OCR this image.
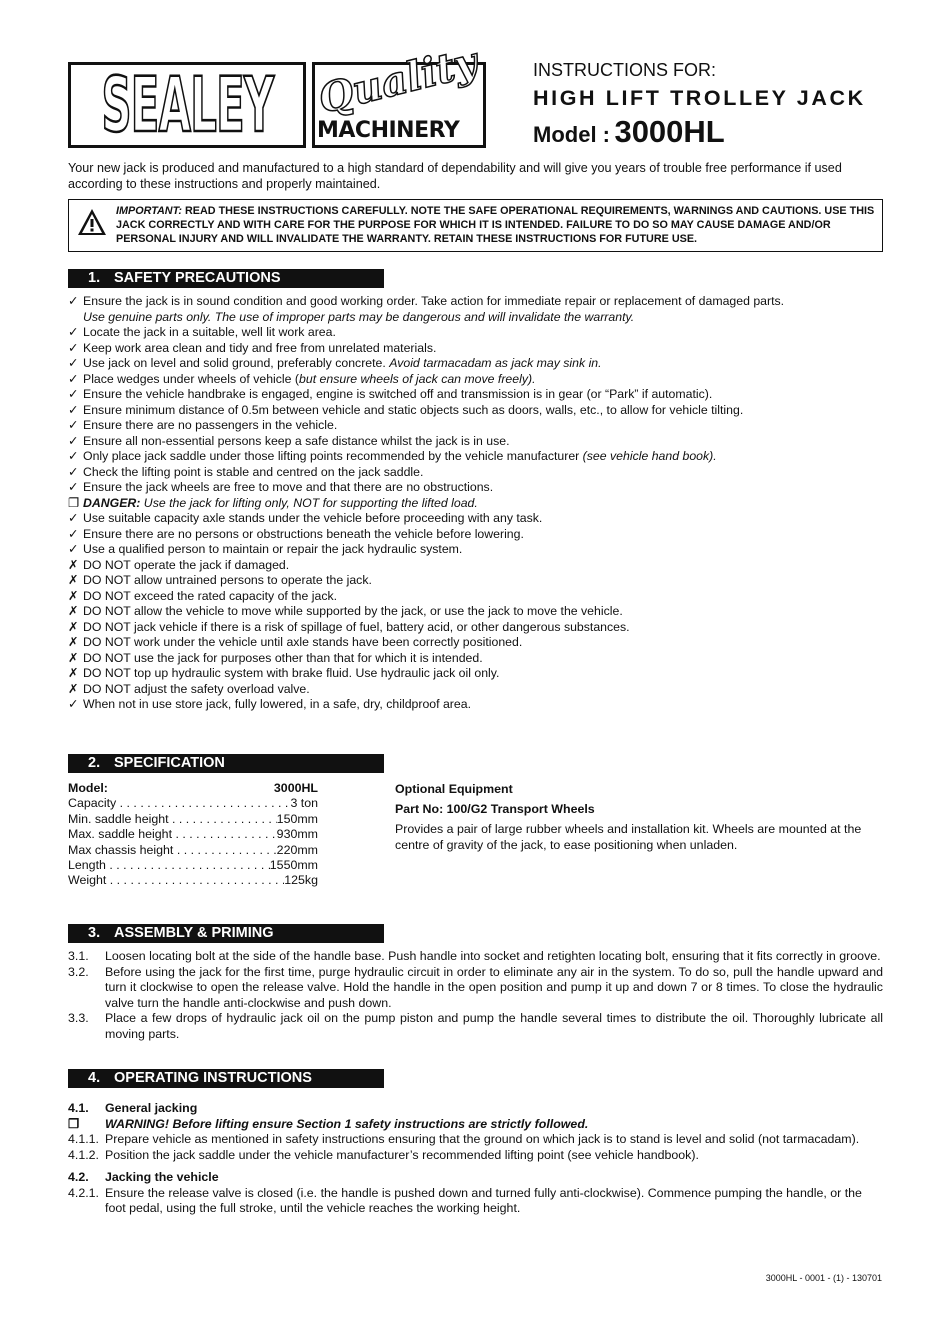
SEALEY Quality
MACHINERY
INSTRUCTIONS FOR:
HIGH LIFT TROLLEY JACK
Model : 3000HL
Your new jack is produced and manufactured to a high standard of dependability and will give you years of trouble free performance if used according to these instructions and properly maintained.
IMPORTANT: READ THESE INSTRUCTIONS CAREFULLY. NOTE THE SAFE OPERATIONAL REQUIREMENTS, WARNINGS AND CAUTIONS. USE THIS JACK CORRECTLY AND WITH CARE FOR THE PURPOSE FOR WHICH IT IS INTENDED. FAILURE TO DO SO MAY CAUSE DAMAGE AND/OR PERSONAL INJURY AND WILL INVALIDATE THE WARRANTY. RETAIN THESE INSTRUCTIONS FOR FUTURE USE.
1. SAFETY PRECAUTIONS
✓ Ensure the jack is in sound condition and good working order. Take action for immediate repair or replacement of damaged parts.
Use genuine parts only. The use of improper parts may be dangerous and will invalidate the warranty.
✓ Locate the jack in a suitable, well lit work area.
✓ Keep work area clean and tidy and free from unrelated materials.
✓ Use jack on level and solid ground, preferably concrete. Avoid tarmacadam as jack may sink in.
✓ Place wedges under wheels of vehicle (but ensure wheels of jack can move freely).
✓ Ensure the vehicle handbrake is engaged, engine is switched off and transmission is in gear (or “Park” if automatic).
✓ Ensure minimum distance of 0.5m between vehicle and static objects such as doors, walls, etc., to allow for vehicle tilting.
✓ Ensure there are no passengers in the vehicle.
✓ Ensure all non-essential persons keep a safe distance whilst the jack is in use.
✓ Only place jack saddle under those lifting points recommended by the vehicle manufacturer (see vehicle hand book).
✓ Check the lifting point is stable and centred on the jack saddle.
✓ Ensure the jack wheels are free to move and that there are no obstructions.
❐ DANGER: Use the jack for lifting only, NOT for supporting the lifted load.
✓ Use suitable capacity axle stands under the vehicle before proceeding with any task.
✓ Ensure there are no persons or obstructions beneath the vehicle before lowering.
✓ Use a qualified person to maintain or repair the jack hydraulic system.
✗ DO NOT operate the jack if damaged.
✗ DO NOT allow untrained persons to operate the jack.
✗ DO NOT exceed the rated capacity of the jack.
✗ DO NOT allow the vehicle to move while supported by the jack, or use the jack to move the vehicle.
✗ DO NOT jack vehicle if there is a risk of spillage of fuel, battery acid, or other dangerous substances.
✗ DO NOT work under the vehicle until axle stands have been correctly positioned.
✗ DO NOT use the jack for purposes other than that for which it is intended.
✗ DO NOT top up hydraulic system with brake fluid. Use hydraulic jack oil only.
✗ DO NOT adjust the safety overload valve.
✓ When not in use store jack, fully lowered, in a safe, dry, childproof area.
2. SPECIFICATION
Model:	3000HL
Capacity . . .	3 ton
Min. saddle height . . .	150mm
Max. saddle height . . .	930mm
Max chassis height . . .	220mm
Length . . .	1550mm
Weight . . .	125kg
Optional Equipment
Part No: 100/G2 Transport Wheels
Provides a pair of large rubber wheels and installation kit. Wheels are mounted at the centre of gravity of the jack, to ease positioning when unladen.
3. ASSEMBLY & PRIMING
3.1.	Loosen locating bolt at the side of the handle base. Push handle into socket and retighten locating bolt, ensuring that it fits correctly in groove.
3.2.	Before using the jack for the first time, purge hydraulic circuit in order to eliminate any air in the system. To do so, pull the handle upward and turn it clockwise to open the release valve. Hold the handle in the open position and pump it up and down 7 or 8 times. To close the hydraulic valve turn the handle anti-clockwise and push down.
3.3.	Place a few drops of hydraulic jack oil on the pump piston and pump the handle several times to distribute the oil. Thoroughly lubricate all moving parts.
4. OPERATING INSTRUCTIONS
4.1.	General jacking
❐	WARNING! Before lifting ensure Section 1 safety instructions are strictly followed.
4.1.1. Prepare vehicle as mentioned in safety instructions ensuring that the ground on which jack is to stand is level and solid (not tarmacadam).
4.1.2. Position the jack saddle under the vehicle manufacturer’s recommended lifting point (see vehicle handbook).
4.2.	Jacking the vehicle
4.2.1. Ensure the release valve is closed (i.e. the handle is pushed down and turned fully anti-clockwise). Commence pumping the handle, or the foot pedal, using the full stroke, until the vehicle reaches the working height.
3000HL - 0001 - (1) - 130701
